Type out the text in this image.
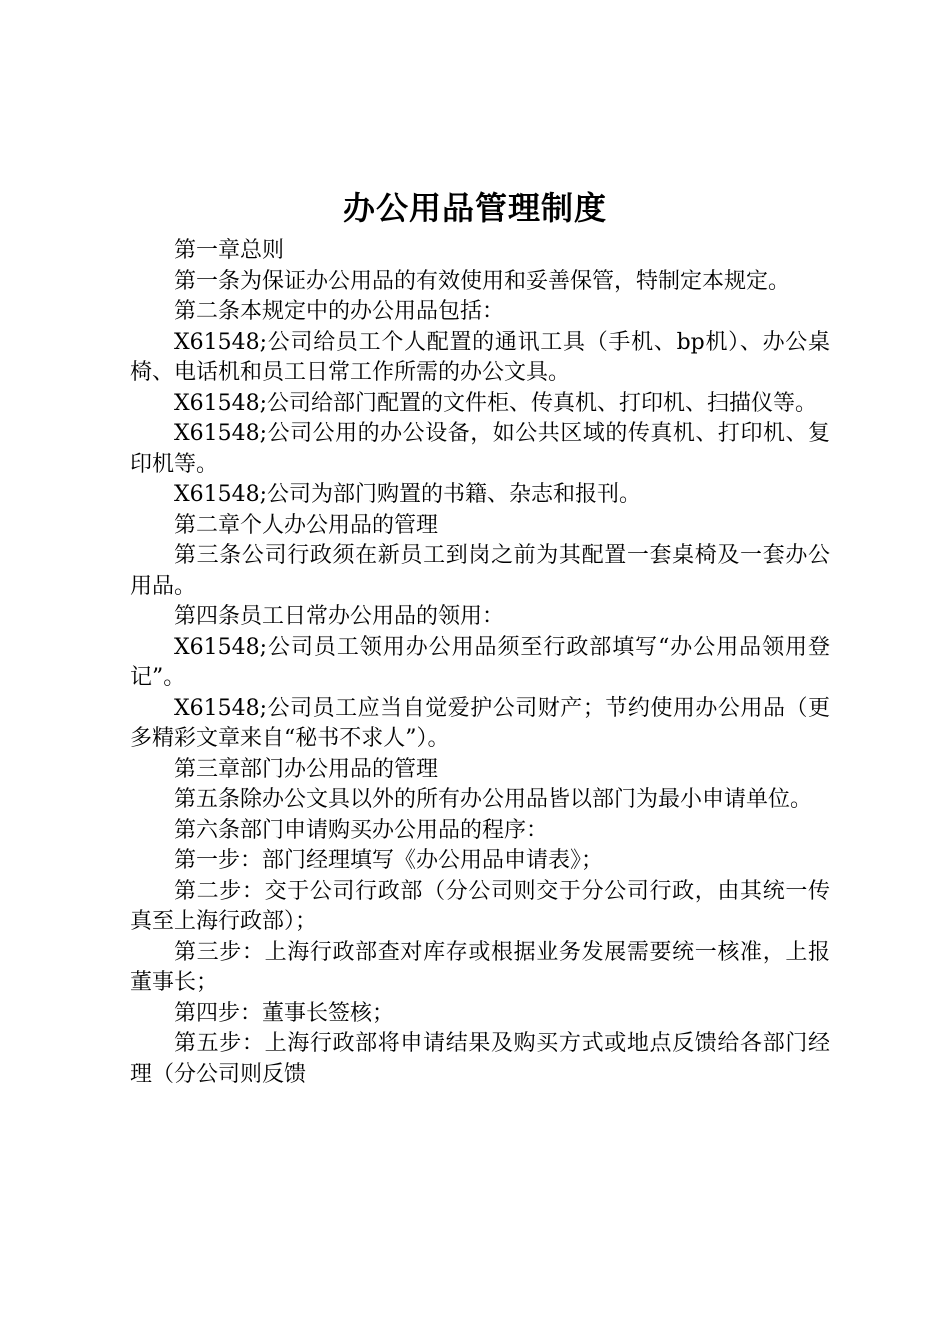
办公用品管理制度

第一章总则

第一条为保证办公用品的有效使用和妥善保管，特制定本规定。

第二条本规定中的办公用品包括：

X61548;公司给员工个人配置的通讯工具（手机、bp机）、办公桌椅、电话机和员工日常工作所需的办公文具。

X61548;公司给部门配置的文件柜、传真机、打印机、扫描仪等。

X61548;公司公用的办公设备，如公共区域的传真机、打印机、复印机等。

X61548;公司为部门购置的书籍、杂志和报刊。

第二章个人办公用品的管理

第三条公司行政须在新员工到岗之前为其配置一套桌椅及一套办公用品。

第四条员工日常办公用品的领用：

X61548;公司员工领用办公用品须至行政部填写“办公用品领用登记”。

X61548;公司员工应当自觉爱护公司财产；节约使用办公用品（更多精彩文章来自“秘书不求人”）。

第三章部门办公用品的管理

第五条除办公文具以外的所有办公用品皆以部门为最小申请单位。

第六条部门申请购买办公用品的程序：

第一步：部门经理填写《办公用品申请表》；

第二步：交于公司行政部（分公司则交于分公司行政，由其统一传真至上海行政部）；

第三步：上海行政部查对库存或根据业务发展需要统一核准，上报董事长；

第四步：董事长签核；

第五步：上海行政部将申请结果及购买方式或地点反馈给各部门经理（分公司则反馈
